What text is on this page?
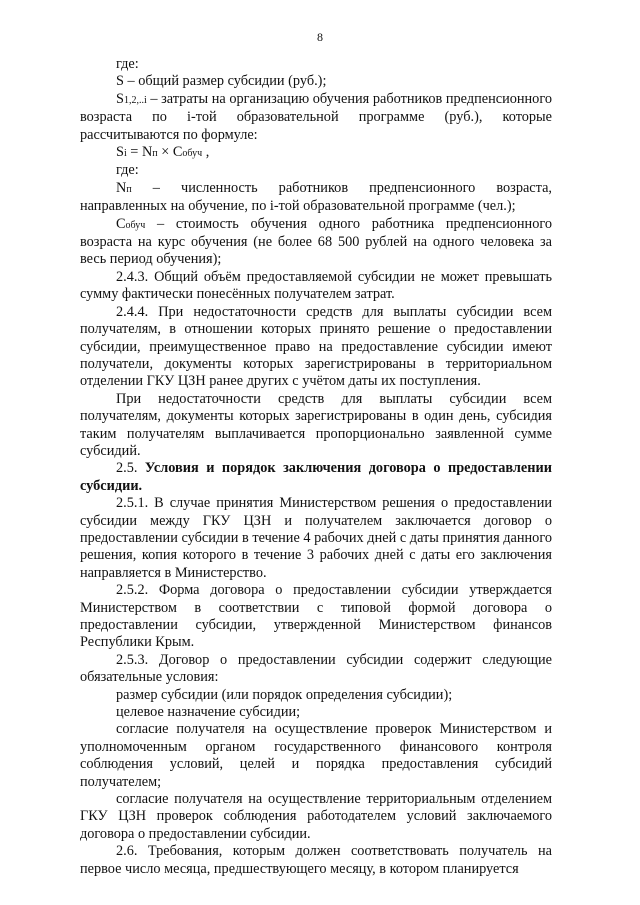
8

где:

S – общий размер субсидии (руб.);

S1,2,..i – затраты на организацию обучения работников предпенсионного возраста по i-той образовательной программе (руб.), которые рассчитываются по формуле:

Si = Nп × Cобуч ,

где:

Nп – численность работников предпенсионного возраста, направленных на обучение, по i-той образовательной программе (чел.);

Cобуч – стоимость обучения одного работника предпенсионного возраста на курс обучения (не более 68 500 рублей на одного человека за весь период обучения);

2.4.3. Общий объём предоставляемой субсидии не может превышать сумму фактически понесённых получателем затрат.

2.4.4. При недостаточности средств для выплаты субсидии всем получателям, в отношении которых принято решение о предоставлении субсидии, преимущественное право на предоставление субсидии имеют получатели, документы которых зарегистрированы в территориальном отделении ГКУ ЦЗН ранее других с учётом даты их поступления.

При недостаточности средств для выплаты субсидии всем получателям, документы которых зарегистрированы в один день, субсидия таким получателям выплачивается пропорционально заявленной сумме субсидий.

2.5. Условия и порядок заключения договора о предоставлении субсидии.

2.5.1. В случае принятия Министерством решения о предоставлении субсидии между ГКУ ЦЗН и получателем заключается договор о предоставлении субсидии в течение 4 рабочих дней с даты принятия данного решения, копия которого в течение 3 рабочих дней с даты его заключения направляется в Министерство.

2.5.2. Форма договора о предоставлении субсидии утверждается Министерством в соответствии с типовой формой договора о предоставлении субсидии, утвержденной Министерством финансов Республики Крым.

2.5.3. Договор о предоставлении субсидии содержит следующие обязательные условия:

размер субсидии (или порядок определения субсидии);

целевое назначение субсидии;

согласие получателя на осуществление проверок Министерством и уполномоченным органом государственного финансового контроля соблюдения условий, целей и порядка предоставления субсидий получателем;

согласие получателя на осуществление территориальным отделением ГКУ ЦЗН проверок соблюдения работодателем условий заключаемого договора о предоставлении субсидии.

2.6. Требования, которым должен соответствовать получатель на первое число месяца, предшествующего месяцу, в котором планируется
